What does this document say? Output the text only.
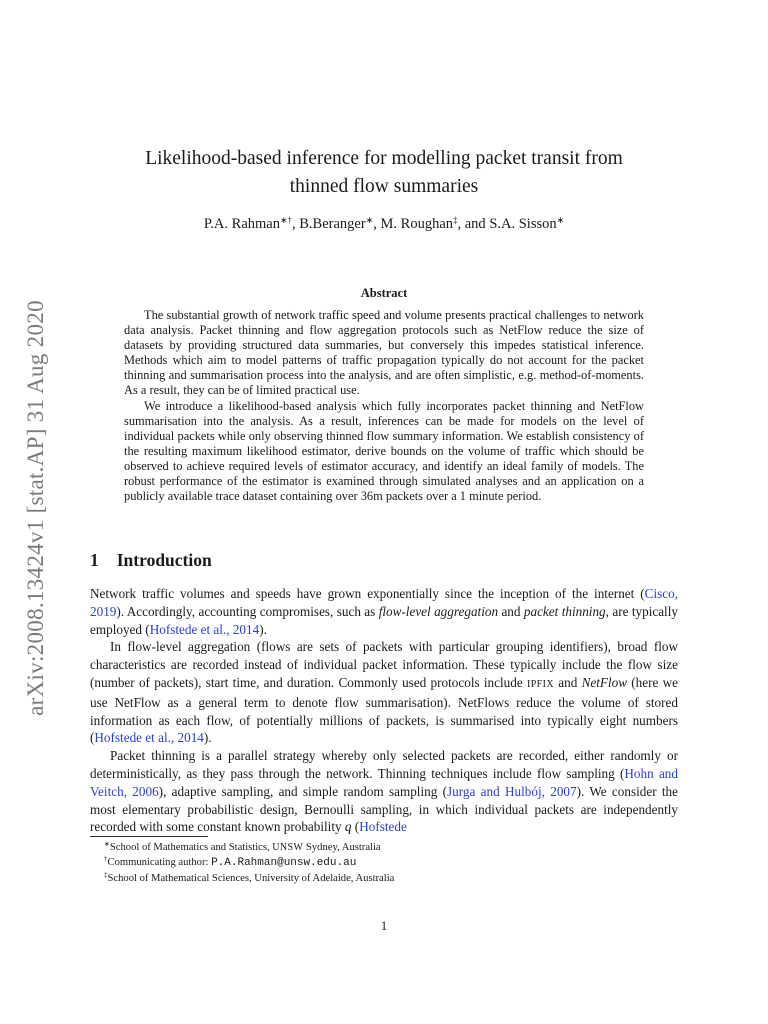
arXiv:2008.13424v1 [stat.AP] 31 Aug 2020
Likelihood-based inference for modelling packet transit from
thinned flow summaries
P.A. Rahman∗†, B.Beranger∗, M. Roughan‡, and S.A. Sisson∗
Abstract

The substantial growth of network traffic speed and volume presents practical challenges to network data analysis. Packet thinning and flow aggregation protocols such as NetFlow reduce the size of datasets by providing structured data summaries, but conversely this impedes statistical inference. Methods which aim to model patterns of traffic propagation typically do not account for the packet thinning and summarisation process into the analysis, and are often simplistic, e.g. method-of-moments. As a result, they can be of limited practical use.

We introduce a likelihood-based analysis which fully incorporates packet thinning and NetFlow summarisation into the analysis. As a result, inferences can be made for models on the level of individual packets while only observing thinned flow summary information. We establish consistency of the resulting maximum likelihood estimator, derive bounds on the volume of traffic which should be observed to achieve required levels of estimator accuracy, and identify an ideal family of models. The robust performance of the estimator is examined through simulated analyses and an application on a publicly available trace dataset containing over 36m packets over a 1 minute period.

1 Introduction

Network traffic volumes and speeds have grown exponentially since the inception of the internet (Cisco, 2019). Accordingly, accounting compromises, such as flow-level aggregation and packet thinning, are typically employed (Hofstede et al., 2014).

In flow-level aggregation (flows are sets of packets with particular grouping identifiers), broad flow characteristics are recorded instead of individual packet information. These typically include the flow size (number of packets), start time, and duration. Commonly used protocols include IPFIX and NetFlow (here we use NetFlow as a general term to denote flow summarisation). NetFlows reduce the volume of stored information as each flow, of potentially millions of packets, is summarised into typically eight numbers (Hofstede et al., 2014).

Packet thinning is a parallel strategy whereby only selected packets are recorded, either randomly or deterministically, as they pass through the network. Thinning techniques include flow sampling (Hohn and Veitch, 2006), adaptive sampling, and simple random sampling (Jurga and Hulbój, 2007). We consider the most elementary probabilistic design, Bernoulli sampling, in which individual packets are independently recorded with some constant known probability q (Hofstede

∗School of Mathematics and Statistics, UNSW Sydney, Australia
†Communicating author: P.A.Rahman@unsw.edu.au
‡School of Mathematical Sciences, University of Adelaide, Australia
1
